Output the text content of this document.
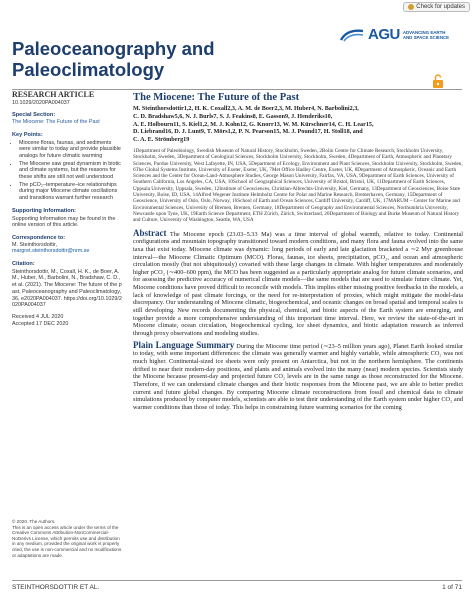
Check for updates
Paleoceanography and Paleoclimatology
AGU ADVANCING EARTH AND SPACE SCIENCE
RESEARCH ARTICLE
10.1029/2020PA004037
Special Section:
The Miocene: The Future of the Past
Key Points:
• Miocene floras, faunas, and sediments were similar to today and provide plausible analogs for future climatic warming
• The Miocene saw great dynamism in biotic and climate systems, but the reasons for these shifts are still not well understood
• The pCO₂–temperature–ice relationships during major Miocene climate oscillations and transitions warrant further research
Supporting Information:

Supporting Information may be found in the online version of this article.

Correspondence to:
M. Steinthorsdottir,
margret.steinthorsdottir@nrm.se
Citation:

Steinthorsdottir, M., Coxall, H. K., de Boer, A. M., Huber, M., Barbolini, N., Bradshaw, C. D., et al. (2021). The Miocene: The future of the past. Paleoceanography and Paleoclimatology, 36, e2020PA004037. https://doi.org/10.1029/2020PA004037

Received 4 JUL 2020
Accepted 17 DEC 2020
© 2020. The Authors.
This is an open access article under the terms of the Creative Commons Attribution-NonCommercial-NoDerivs License, which permits use and distribution in any medium, provided the original work is properly cited, the use is non-commercial and no modifications or adaptations are made.
The Miocene: The Future of the Past
M. Steinthorsdottir1,2, H. K. Coxall2,3, A. M. de Boer2,3, M. Huber4, N. Barbolini2,3,
C. D. Bradshaw5,6, N. J. Burls7, S. J. Feakins8, E. Gasson9, J. Henderiks10,
A. E. Holbourn11, S. Kiel1,2, M. J. Kohn12, G. Knorr13, W. M. Kürschner14, C. H. Lear15,
D. Liebrand16, D. J. Lunt9, T. Mörs1,2, P. N. Pearson15, M. J. Pound17, H. Stoll18, and
C. A. E. Strömberg19
1Department of Paleobiology, Swedish Museum of Natural History, Stockholm, Sweden, 2Bolin Centre for Climate Research, Stockholm University, Stockholm, Sweden, 3Department of Geological Sciences, Stockholm University, Stockholm, Sweden, 4Department of Earth, Atmospheric and Planetary Sciences, Purdue University, West Lafayette, IN, USA, 5Department of Ecology, Environment and Plant Sciences, Stockholm University, Stockholm, Sweden, 6The Global Systems Institute, University of Exeter, Exeter, UK, 7Met Office Hadley Centre, Exeter, UK, 8Department of Atmospheric, Oceanic and Earth Sciences and the Center for Ocean-Land-Atmosphere Studies, George Mason University, Fairfax, VA, USA, 9Department of Earth Sciences, University of Southern California, Los Angeles, CA, USA, 10School of Geographical Sciences, University of Bristol, Bristol, UK, 11Department of Earth Sciences, Uppsala University, Uppsala, Sweden, 12Institute of Geosciences, Christian-Albrechts-University, Kiel, Germany, 13Department of Geosciences, Boise State University, Boise, ID, USA, 14Alfred Wegener Institute Helmholtz Centre for Polar and Marine Research, Bremerhaven, Germany, 15Department of Geoscience, University of Oslo, Oslo, Norway, 16School of Earth and Ocean Sciences, Cardiff University, Cardiff, UK, 17MARUM – Center for Marine and Environmental Sciences, University of Bremen, Bremen, Germany, 18Department of Geography and Environmental Sciences, Northumbria University, Newcastle upon Tyne, UK, 19Earth Science Department, ETH Zürich, Zürich, Switzerland, 20Department of Biology and Burke Museum of Natural History and Culture, University of Washington, Seattle, WA, USA
Abstract The Miocene epoch (23.03–5.33 Ma) was a time interval of global warmth, relative to today. Continental configurations and mountain topography transitioned toward modern conditions, and many flora and fauna evolved into the same taxa that exist today. Miocene climate was dynamic: long periods of early and late glaciation bracketed a ∼2 Myr greenhouse interval—the Miocene Climatic Optimum (MCO). Floras, faunas, ice sheets, precipitation, pCO₂, and ocean and atmospheric circulation mostly (but not ubiquitously) covaried with these large changes in climate. With higher temperatures and moderately higher pCO₂ (∼400–600 ppm), the MCO has been suggested as a particularly appropriate analog for future climate scenarios, and for assessing the predictive accuracy of numerical climate models—the same models that are used to simulate future climate. Yet, Miocene conditions have proved difficult to reconcile with models. This implies either missing positive feedbacks in the models, a lack of knowledge of past climate forcings, or the need for re-interpretation of proxies, which might mitigate the model-data discrepancy. Our understanding of Miocene climatic, biogeochemical, and oceanic changes on broad spatial and temporal scales is still developing. New records documenting the physical, chemical, and biotic aspects of the Earth system are emerging, and together provide a more comprehensive understanding of this important time interval. Here, we review the state-of-the-art in Miocene climate, ocean circulation, biogeochemical cycling, ice sheet dynamics, and biotic adaptation research as inferred through proxy observations and modeling studies.
Plain Language Summary During the Miocene time period (∼23–5 million years ago), Planet Earth looked similar to today, with some important differences: the climate was generally warmer and highly variable, while atmospheric CO₂ was not much higher. Continental-sized ice sheets were only present on Antarctica, but not in the northern hemisphere. The continents drifted to near their modern-day positions, and plants and animals evolved into the many (near) modern species. Scientists study the Miocene because present-day and projected future CO₂ levels are in the same range as those reconstructed for the Miocene. Therefore, if we can understand climate changes and their biotic responses from the Miocene past, we are able to better predict current and future global changes. By comparing Miocene climate reconstructions from fossil and chemical data to climate simulations produced by computer models, scientists are able to test their understanding of the Earth system under higher CO₂ and warmer conditions than those of today. This helps in constraining future warming scenarios for the coming
STEINTHORSDOTTIR ET AL.	1 of 71
